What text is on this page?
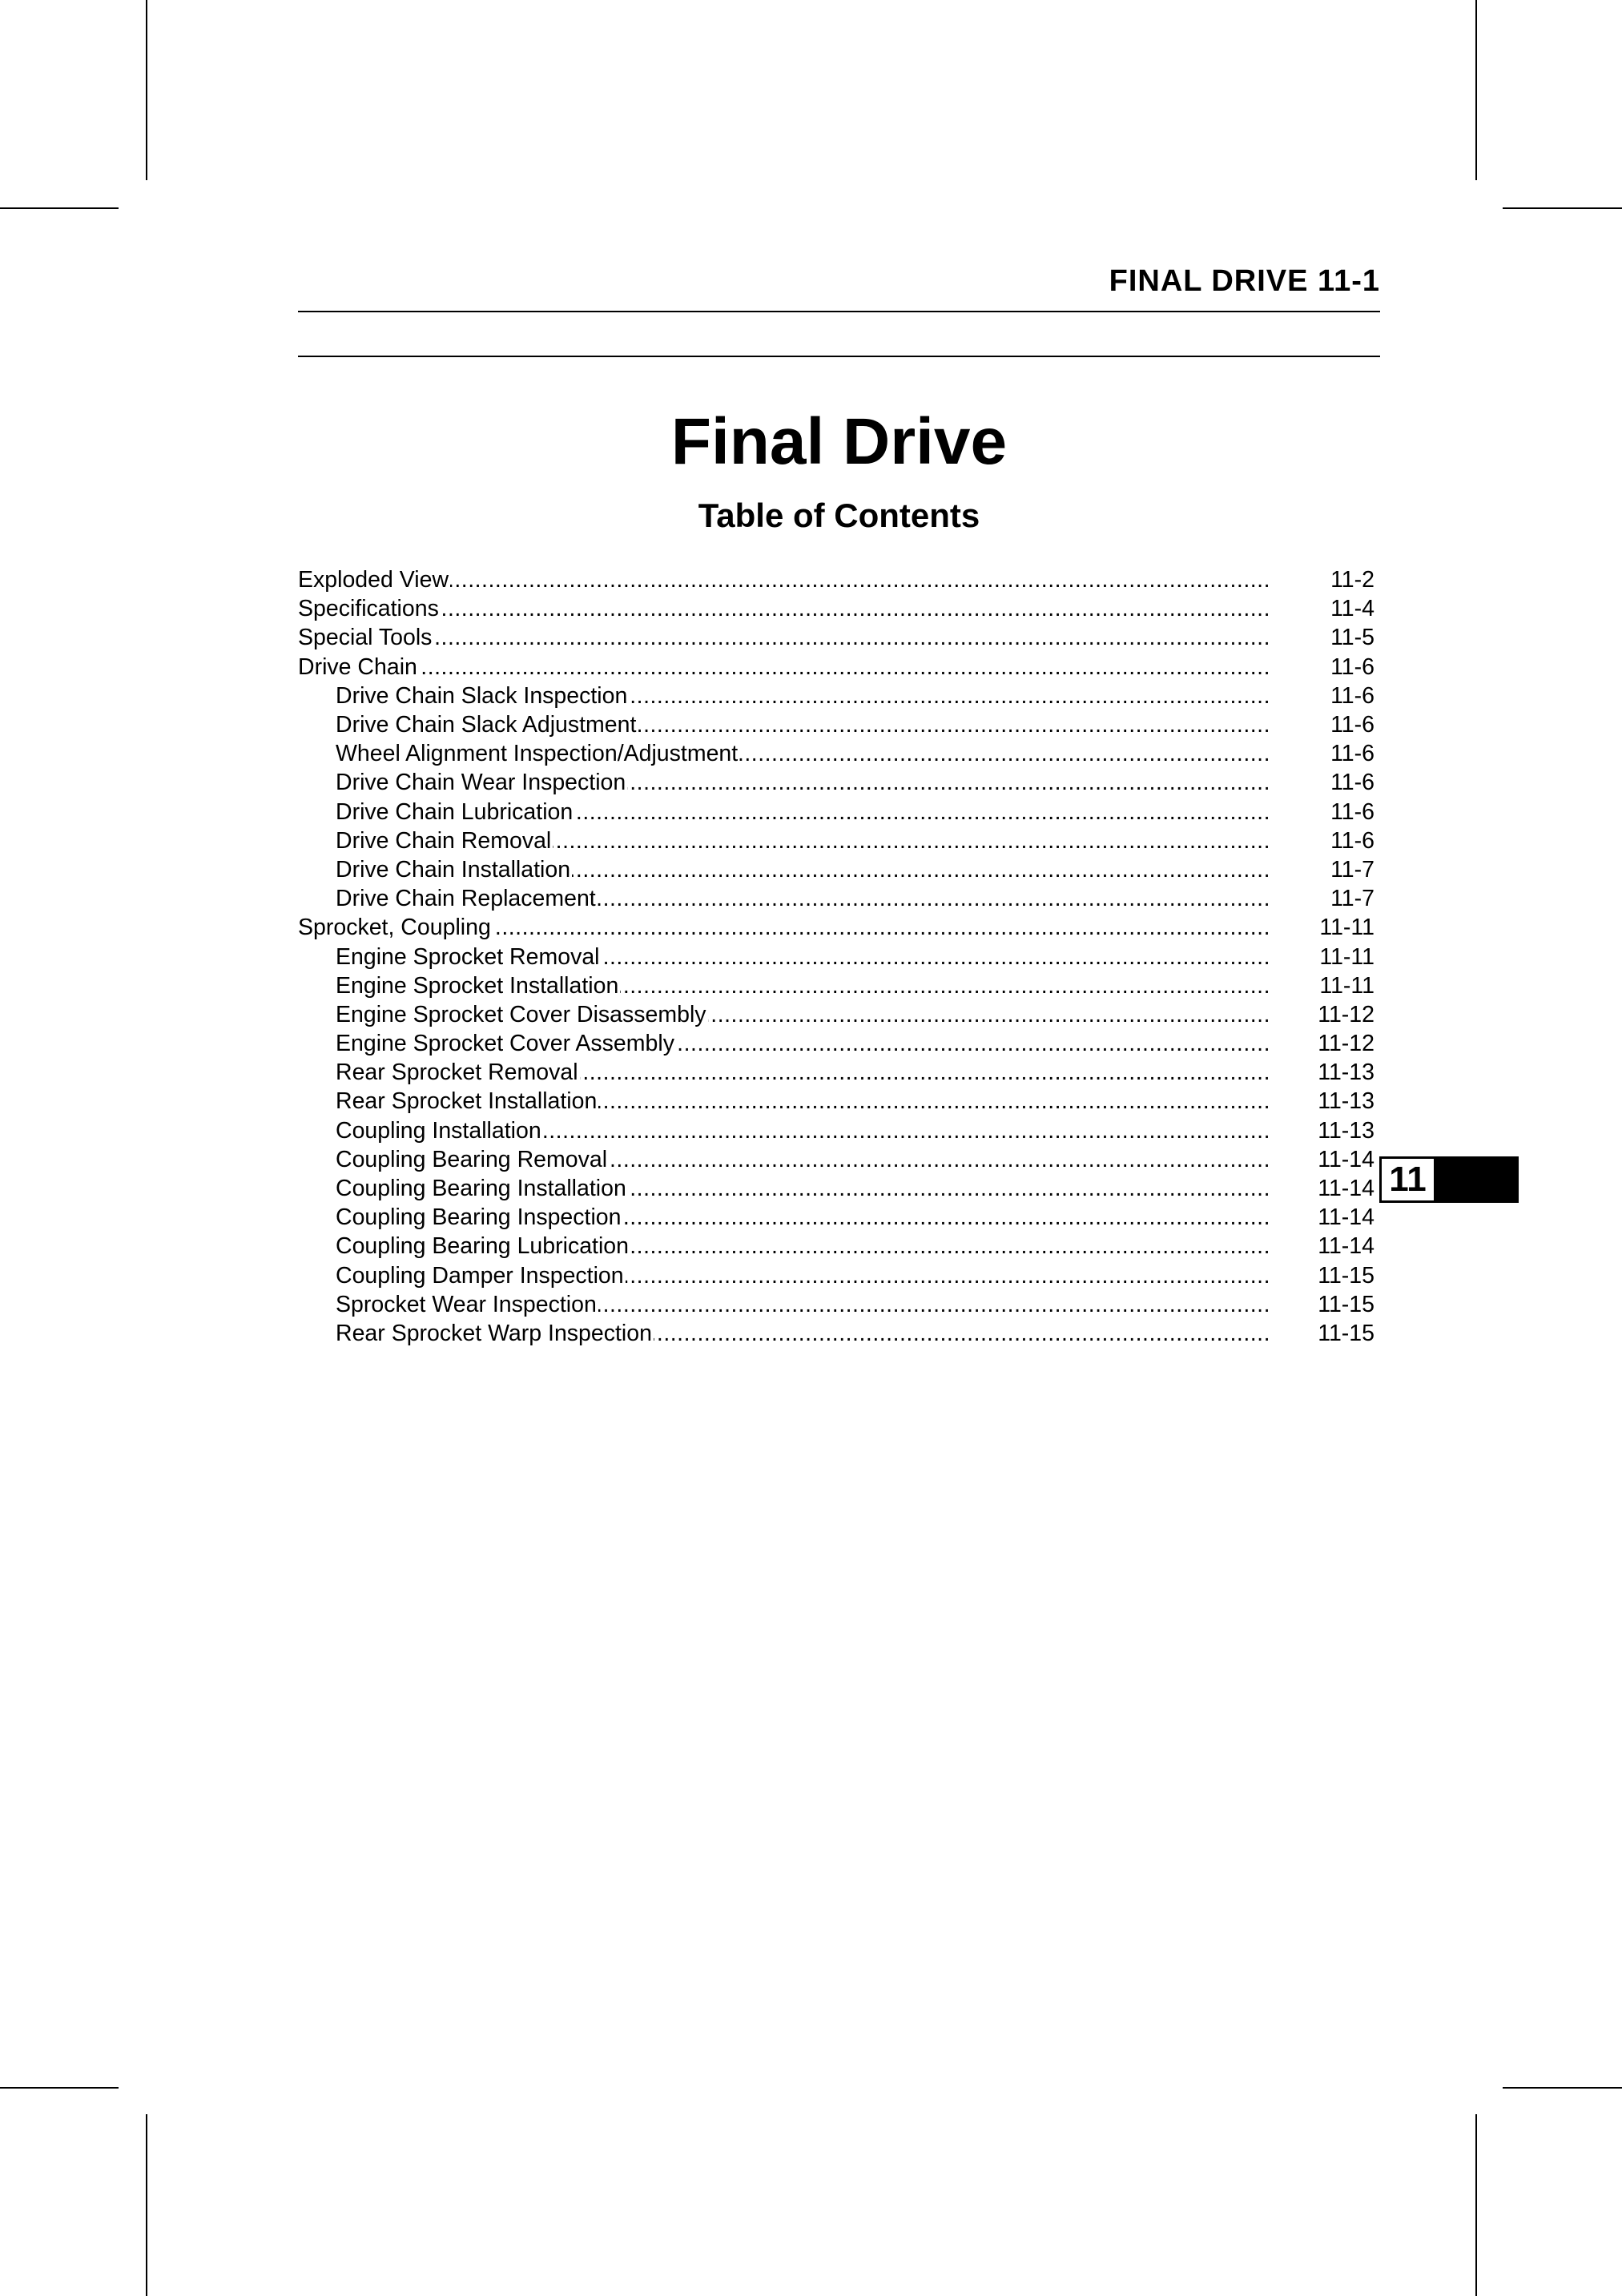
FINAL DRIVE 11-1
Final Drive
Table of Contents
Exploded View .....	11-2
Specifications .....	11-4
Special Tools .....	11-5
Drive Chain .....	11-6
Drive Chain Slack Inspection .....	11-6
Drive Chain Slack Adjustment .....	11-6
Wheel Alignment Inspection/Adjustment .....	11-6
Drive Chain Wear Inspection .....	11-6
Drive Chain Lubrication .....	11-6
Drive Chain Removal .....	11-6
Drive Chain Installation .....	11-7
Drive Chain Replacement .....	11-7
Sprocket, Coupling .....	11-11
Engine Sprocket Removal .....	11-11
Engine Sprocket Installation .....	11-11
Engine Sprocket Cover Disassembly .....	11-12
Engine Sprocket Cover Assembly .....	11-12
Rear Sprocket Removal .....	11-13
Rear Sprocket Installation .....	11-13
Coupling Installation .....	11-13
Coupling Bearing Removal .....	11-14
Coupling Bearing Installation .....	11-14
Coupling Bearing Inspection .....	11-14
Coupling Bearing Lubrication .....	11-14
Coupling Damper Inspection .....	11-15
Sprocket Wear Inspection .....	11-15
Rear Sprocket Warp Inspection .....	11-15
11
